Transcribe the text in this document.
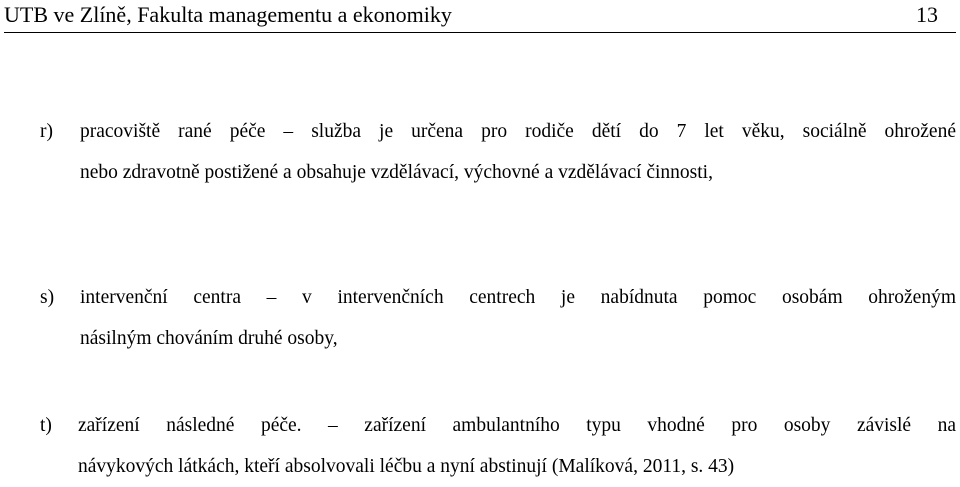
UTB ve Zlíně, Fakulta managementu a ekonomiky	13
r)	pracoviště rané péče – služba je určena pro rodiče dětí do 7 let věku, sociálně ohrožené
nebo zdravotně postižené a obsahuje vzdělávací, výchovné a vzdělávací činnosti,
s)	intervenční centra – v intervenčních centrech je nabídnuta pomoc osobám ohroženým
násilným chováním druhé osoby,
t)	zařízení následné péče. – zařízení ambulantního typu vhodné pro osoby závislé na
návykových látkách, kteří absolvovali léčbu a nyní abstinují (Malíková, 2011, s. 43)
